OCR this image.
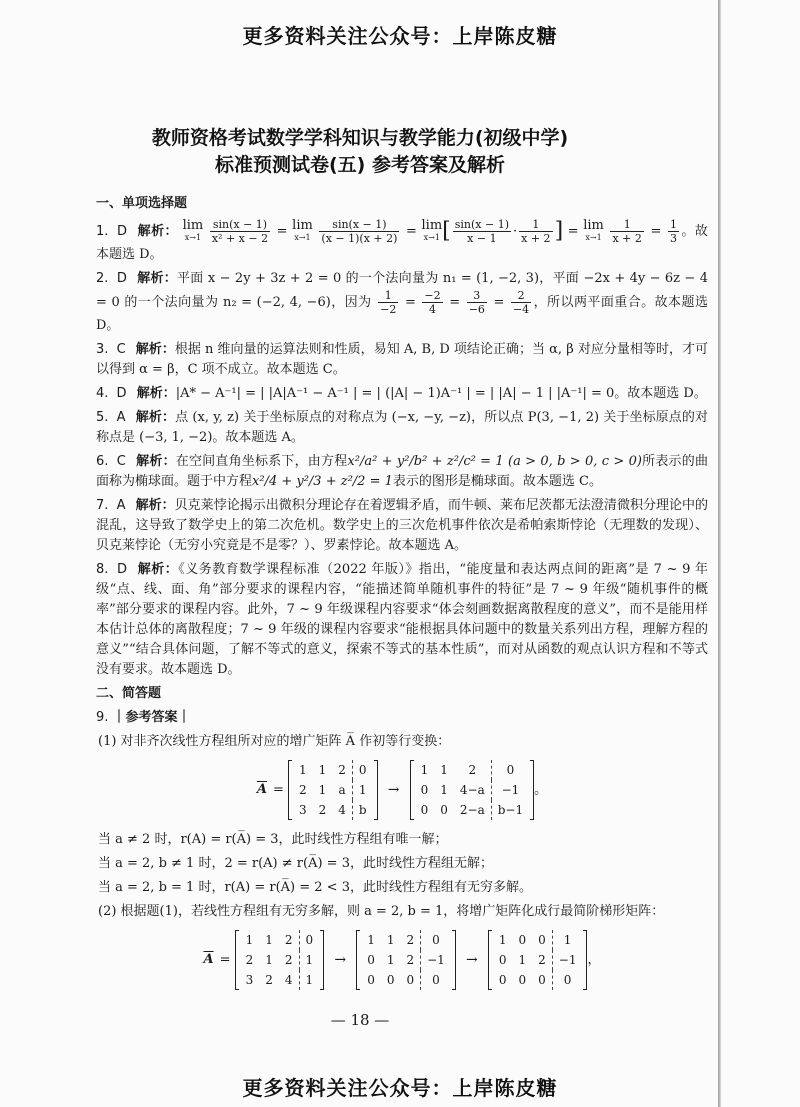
更多资料关注公众号：上岸陈皮糖
教师资格考试数学学科知识与教学能力(初级中学)
标准预测试卷(五) 参考答案及解析
一、单项选择题

1. D 解析： lim
x→1
$\frac{\sin(x - 1)}{\text{x² + x − 2}} = \lim$
x→1
$\frac{\sin(x - 1)}{(x - 1)(x + 2)} = \lim$
x→1 [ $\frac{\sin(x - 1)}{x - 1} \cdot \frac{1}{x + 2}$ ] = lim
x→1
$\frac{1}{x + 2} = \frac{1}{3}$ 。故本题选 D。

2. D 解析：平面 x − 2y + 3z + 2 = 0 的一个法向量为 n₁ = (1, −2, 3)，平面 −2x + 4y − 6z − 4 = 0 的一个法向量为 n₂ = (−2, 4, −6)，因为 $\frac{1}{-2} = \frac{-2}{4} = \frac{3}{-6} = \frac{2}{-4}$ ，所以两平面重合。故本题选 D。

3. C 解析：根据 n 维向量的运算法则和性质，易知 A, B, D 项结论正确；当 α, β 对应分量相等时，才可以得到 α = β，C 项不成立。故本题选 C。

4. D 解析：|A* − A⁻¹| = | |A|A⁻¹ − A⁻¹ | = | (|A| − 1)A⁻¹ | = | |A| − 1 | |A⁻¹| = 0。故本题选 D。

5. A 解析：点 (x, y, z) 关于坐标原点的对称点为 (−x, −y, −z)，所以点 P(3, −1, 2) 关于坐标原点的对称点是 (−3, 1, −2)。故本题选 A。

6. C 解析：在空间直角坐标系下，由方程x²/a² + y²/b² + z²/c² = 1 (a > 0, b > 0, c > 0)所表示的曲面称为椭球面。题于中方程x²/4 + y²/3 + z²/2 = 1表示的图形是椭球面。故本题选 C。

7. A 解析：贝克莱悖论揭示出微积分理论存在着逻辑矛盾，而牛顿、莱布尼茨都无法澄清微积分理论中的混乱，这导致了数学史上的第二次危机。数学史上的三次危机事件依次是希帕索斯悖论（无理数的发现）、贝克莱悖论（无穷小究竟是不是零？）、罗素悖论。故本题选 A。

8. D 解析：《义务教育数学课程标准（2022 年版）》指出，“能度量和表达两点间的距离”是 7 ~ 9 年级“点、线、面、角”部分要求的课程内容，“能描述简单随机事件的特征”是 7 ~ 9 年级“随机事件的概率”部分要求的课程内容。此外，7 ~ 9 年级课程内容要求“体会刻画数据离散程度的意义”，而不是能用样本估计总体的离散程度；7 ~ 9 年级的课程内容要求“能根据具体问题中的数量关系列出方程，理解方程的意义”“结合具体问题，了解不等式的意义，探索不等式的基本性质”，而对从函数的观点认识方程和不等式没有要求。故本题选 D。

二、简答题

9. ｜参考答案｜

(1) 对非齐次线性方程组所对应的增广矩阵 A̅ 作初等行变换：

$\overline{A}$ =
1	1	2	0
2	1	a	1
3	2	4	b
→
1	1	2	0
0	1	4−a	−1
0	0	2−a	b−1
。

当 a ≠ 2 时，r(A) = r(A̅) = 3，此时线性方程组有唯一解；

当 a = 2, b ≠ 1 时，2 = r(A) ≠ r(A̅) = 3，此时线性方程组无解；

当 a = 2, b = 1 时，r(A) = r(A̅) = 2 < 3，此时线性方程组有无穷多解。

(2) 根据题(1)，若线性方程组有无穷多解，则 a = 2, b = 1，将增广矩阵化成行最简阶梯形矩阵：

$\overline{A}$ =
1	1	2	0
2	1	2	1
3	2	4	1
→
1	1	2	0
0	1	2	−1
0	0	0	0
→
1	0	0	1
0	1	2	−1
0	0	0	0
，
— 18 —
更多资料关注公众号：上岸陈皮糖
